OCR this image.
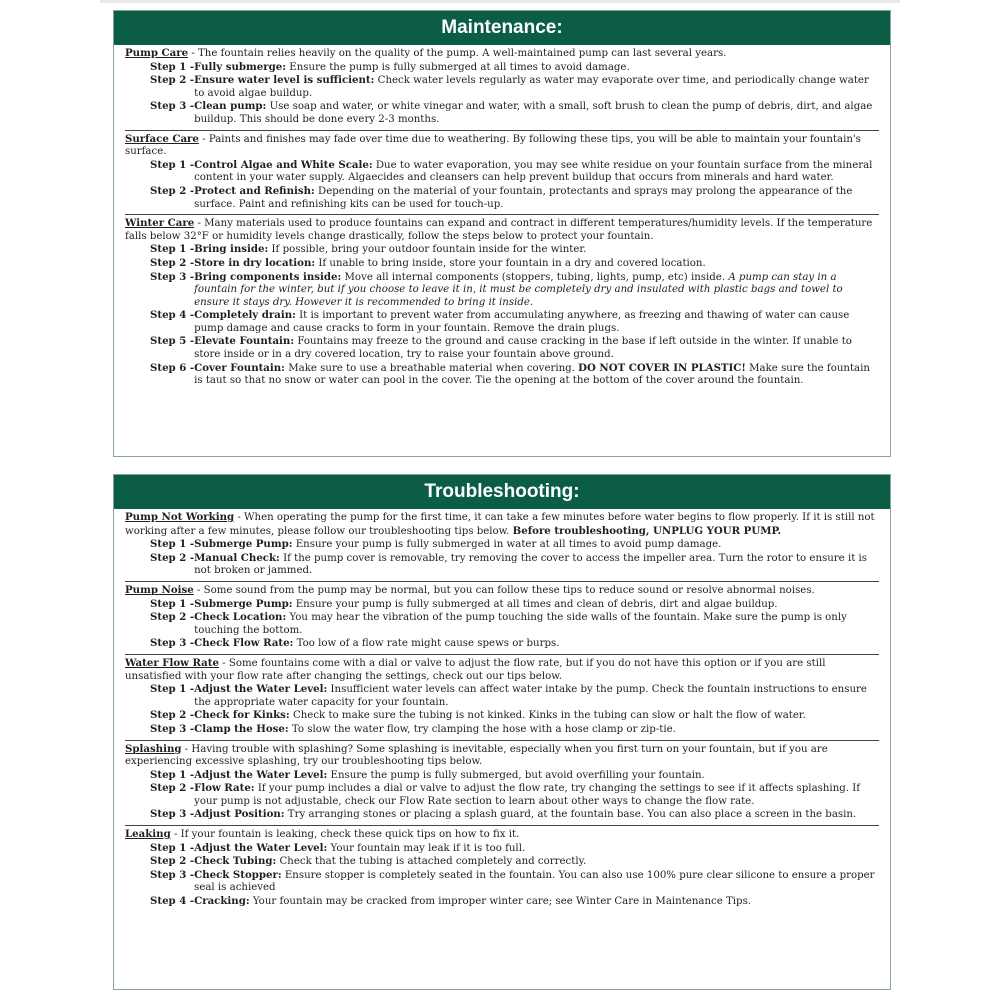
Maintenance:

Pump Care - The fountain relies heavily on the quality of the pump. A well-maintained pump can last several years.

Step 1 - Fully submerge: Ensure the pump is fully submerged at all times to avoid damage.
Step 2 - Ensure water level is sufficient: Check water levels regularly as water may evaporate over time, and periodically change water to avoid algae buildup.
Step 3 - Clean pump: Use soap and water, or white vinegar and water, with a small, soft brush to clean the pump of debris, dirt, and algae buildup. This should be done every 2-3 months.

Surface Care - Paints and finishes may fade over time due to weathering. By following these tips, you will be able to maintain your fountain's surface.

Step 1 - Control Algae and White Scale: Due to water evaporation, you may see white residue on your fountain surface from the mineral content in your water supply. Algaecides and cleansers can help prevent buildup that occurs from minerals and hard water.
Step 2 - Protect and Refinish: Depending on the material of your fountain, protectants and sprays may prolong the appearance of the surface. Paint and refinishing kits can be used for touch-up.

Winter Care - Many materials used to produce fountains can expand and contract in different temperatures/humidity levels. If the temperature falls below 32°F or humidity levels change drastically, follow the steps below to protect your fountain.

Step 1 - Bring inside: If possible, bring your outdoor fountain inside for the winter.
Step 2 - Store in dry location: If unable to bring inside, store your fountain in a dry and covered location.
Step 3 - Bring components inside: Move all internal components (stoppers, tubing, lights, pump, etc) inside. A pump can stay in a fountain for the winter, but if you choose to leave it in, it must be completely dry and insulated with plastic bags and towel to ensure it stays dry. However it is recommended to bring it inside.
Step 4 - Completely drain: It is important to prevent water from accumulating anywhere, as freezing and thawing of water can cause pump damage and cause cracks to form in your fountain. Remove the drain plugs.
Step 5 - Elevate Fountain: Fountains may freeze to the ground and cause cracking in the base if left outside in the winter. If unable to store inside or in a dry covered location, try to raise your fountain above ground.
Step 6 - Cover Fountain: Make sure to use a breathable material when covering. DO NOT COVER IN PLASTIC! Make sure the fountain is taut so that no snow or water can pool in the cover. Tie the opening at the bottom of the cover around the fountain.
Troubleshooting:

Pump Not Working - When operating the pump for the first time, it can take a few minutes before water begins to flow properly. If it is still not working after a few minutes, please follow our troubleshooting tips below. Before troubleshooting, UNPLUG YOUR PUMP.

Step 1 - Submerge Pump: Ensure your pump is fully submerged in water at all times to avoid pump damage.
Step 2 - Manual Check: If the pump cover is removable, try removing the cover to access the impeller area. Turn the rotor to ensure it is not broken or jammed.

Pump Noise - Some sound from the pump may be normal, but you can follow these tips to reduce sound or resolve abnormal noises.

Step 1 - Submerge Pump: Ensure your pump is fully submerged at all times and clean of debris, dirt and algae buildup.
Step 2 - Check Location: You may hear the vibration of the pump touching the side walls of the fountain. Make sure the pump is only touching the bottom.
Step 3 - Check Flow Rate: Too low of a flow rate might cause spews or burps.

Water Flow Rate - Some fountains come with a dial or valve to adjust the flow rate, but if you do not have this option or if you are still unsatisfied with your flow rate after changing the settings, check out our tips below.

Step 1 - Adjust the Water Level: Insufficient water levels can affect water intake by the pump. Check the fountain instructions to ensure the appropriate water capacity for your fountain.
Step 2 - Check for Kinks: Check to make sure the tubing is not kinked. Kinks in the tubing can slow or halt the flow of water.
Step 3 - Clamp the Hose: To slow the water flow, try clamping the hose with a hose clamp or zip-tie.

Splashing - Having trouble with splashing? Some splashing is inevitable, especially when you first turn on your fountain, but if you are experiencing excessive splashing, try our troubleshooting tips below.

Step 1 - Adjust the Water Level: Ensure the pump is fully submerged, but avoid overfilling your fountain.
Step 2 - Flow Rate: If your pump includes a dial or valve to adjust the flow rate, try changing the settings to see if it affects splashing. If your pump is not adjustable, check our Flow Rate section to learn about other ways to change the flow rate.
Step 3 - Adjust Position: Try arranging stones or placing a splash guard, at the fountain base. You can also place a screen in the basin.

Leaking - If your fountain is leaking, check these quick tips on how to fix it.

Step 1 - Adjust the Water Level: Your fountain may leak if it is too full.
Step 2 - Check Tubing: Check that the tubing is attached completely and correctly.
Step 3 - Check Stopper: Ensure stopper is completely seated in the fountain. You can also use 100% pure clear silicone to ensure a proper seal is achieved
Step 4 - Cracking: Your fountain may be cracked from improper winter care; see Winter Care in Maintenance Tips.
